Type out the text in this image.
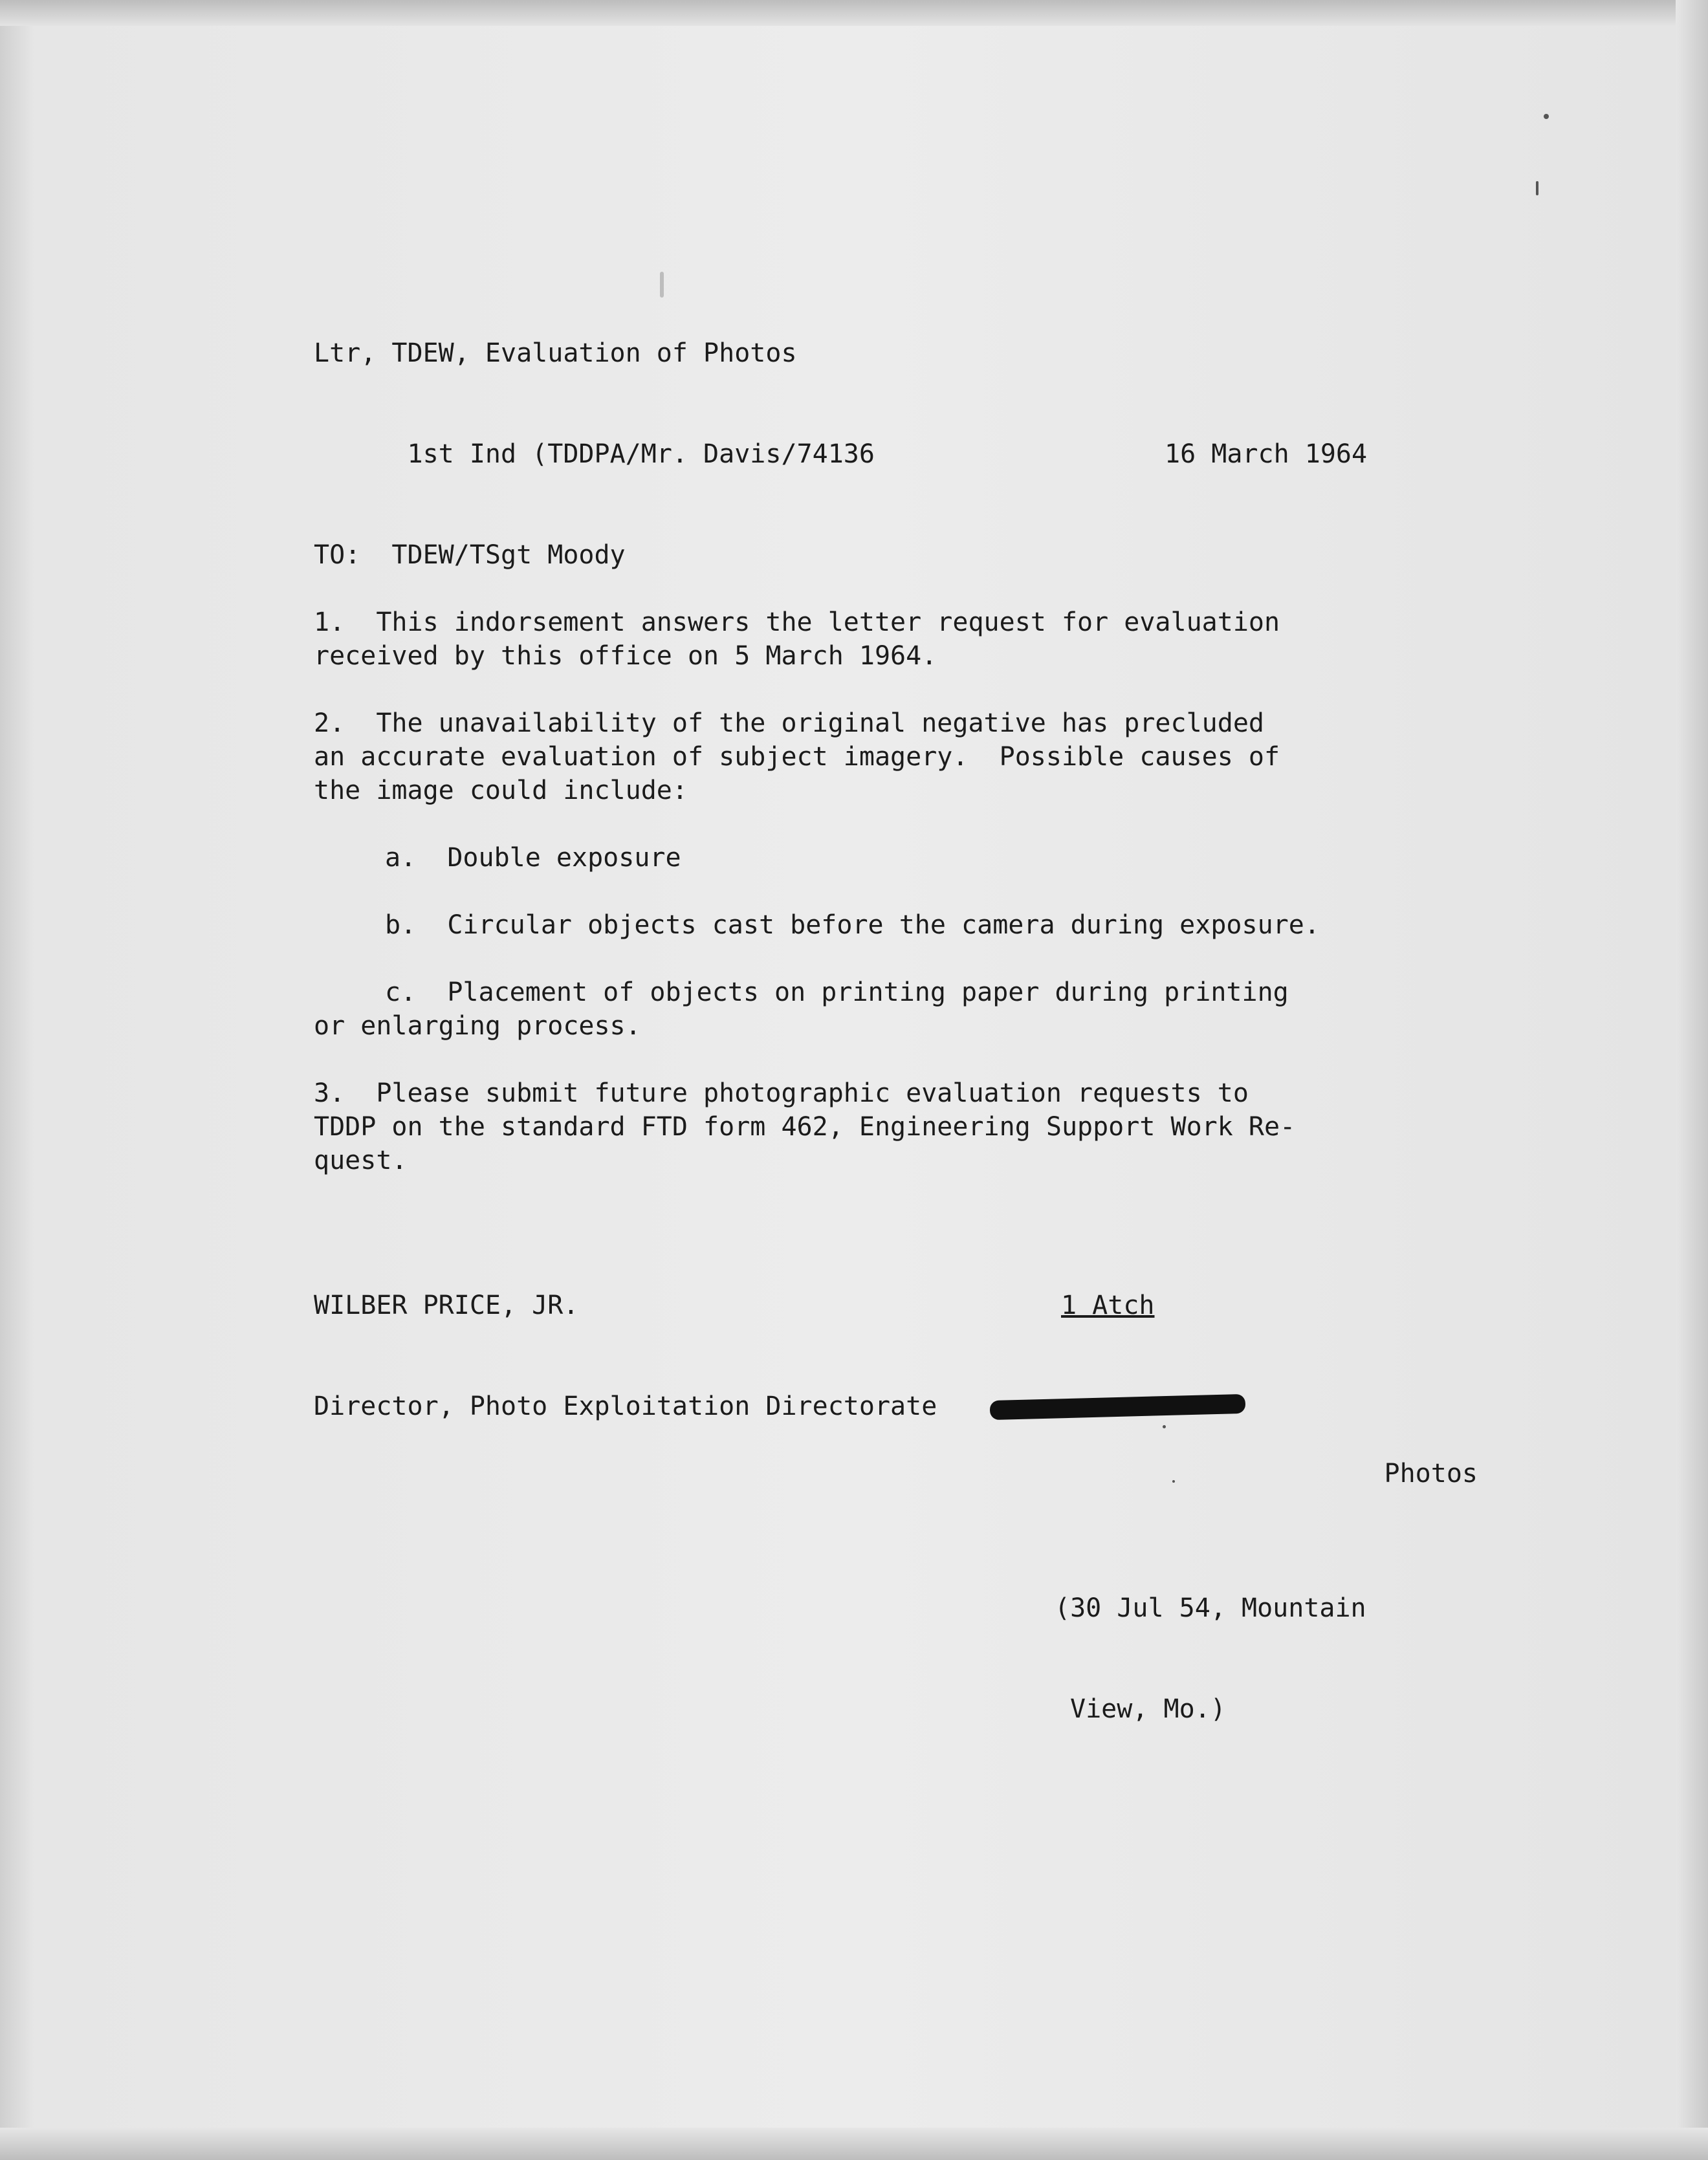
Ltr, TDEW, Evaluation of Photos

1st Ind (TDDPA/Mr. Davis/74136	16 March 1964

TO:  TDEW/TSgt Moody
1.  This indorsement answers the letter request for evaluation
received by this office on 5 March 1964.
2.  The unavailability of the original negative has precluded
an accurate evaluation of subject imagery.  Possible causes of
the image could include:
a.  Double exposure
b.  Circular objects cast before the camera during exposure.
c.  Placement of objects on printing paper during printing
or enlarging process.
3.  Please submit future photographic evaluation requests to
TDDP on the standard FTD form 462, Engineering Support Work Re-
quest.

WILBER PRICE, JR.

Director, Photo Exploitation Directorate

1 Atch

Photos

(30 Jul 54, Mountain

View, Mo.)
